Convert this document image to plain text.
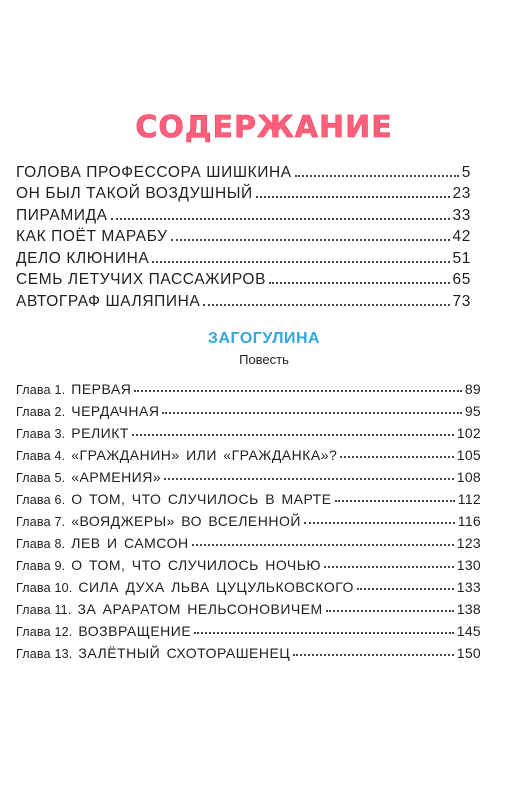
СОДЕРЖАНИЕ
ГОЛОВА ПРОФЕССОРА ШИШКИНА	5
ОН БЫЛ ТАКОЙ ВОЗДУШНЫЙ	23
ПИРАМИДА	33
КАК ПОЁТ МАРАБУ	42
ДЕЛО КЛЮНИНА	51
СЕМЬ ЛЕТУЧИХ ПАССАЖИРОВ	65
АВТОГРАФ ШАЛЯПИНА	73
ЗАГОГУЛИНА
Повесть
Глава 1. ПЕРВАЯ	89
Глава 2. ЧЕРДАЧНАЯ	95
Глава 3. РЕЛИКТ	102
Глава 4. «ГРАЖДАНИН» ИЛИ «ГРАЖДАНКА»?	105
Глава 5. «АРМЕНИЯ»	108
Глава 6. О ТОМ, ЧТО СЛУЧИЛОСЬ В МАРТЕ	112
Глава 7. «ВОЯДЖЕРЫ» ВО ВСЕЛЕННОЙ	116
Глава 8. ЛЕВ И САМСОН	123
Глава 9. О ТОМ, ЧТО СЛУЧИЛОСЬ НОЧЬЮ	130
Глава 10. СИЛА ДУХА ЛЬВА ЦУЦУЛЬКОВСКОГО	133
Глава 11. ЗА АРАРАТОМ НЕЛЬСОНОВИЧЕМ	138
Глава 12. ВОЗВРАЩЕНИЕ	145
Глава 13. ЗАЛЁТНЫЙ СХОТОРАШЕНЕЦ	150
